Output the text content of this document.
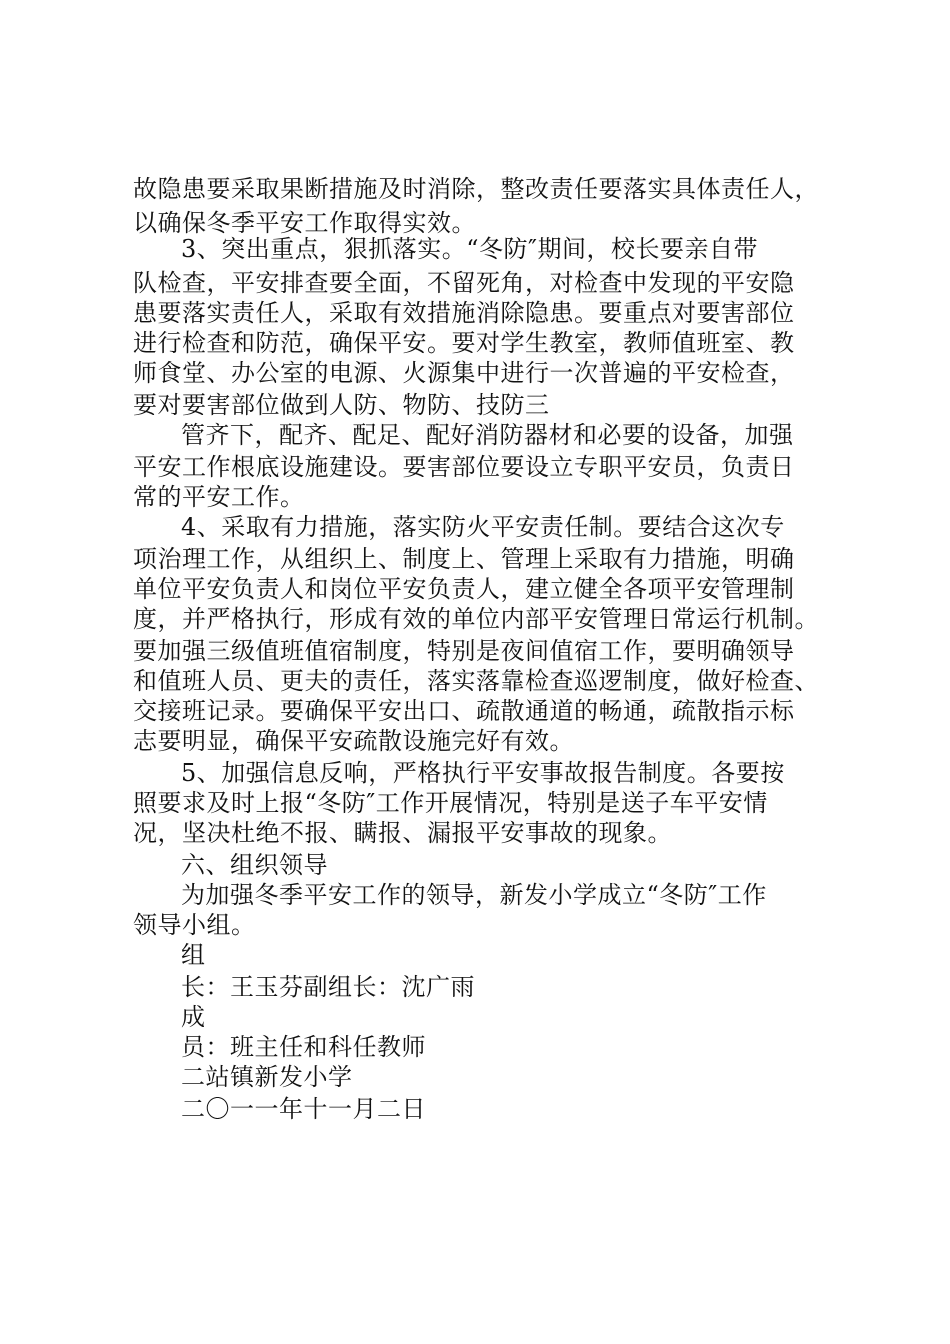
故隐患要采取果断措施及时消除，整改责任要落实具体责任人，
以确保冬季平安工作取得实效。
3、突出重点，狠抓落实。“冬防″期间，校长要亲自带
队检查，平安排查要全面，不留死角，对检查中发现的平安隐
患要落实责任人，采取有效措施消除隐患。要重点对要害部位
进行检查和防范，确保平安。要对学生教室，教师值班室、教
师食堂、办公室的电源、火源集中进行一次普遍的平安检查，
要对要害部位做到人防、物防、技防三
管齐下，配齐、配足、配好消防器材和必要的设备，加强
平安工作根底设施建设。要害部位要设立专职平安员，负责日
常的平安工作。
4、采取有力措施，落实防火平安责任制。要结合这次专
项治理工作，从组织上、制度上、管理上采取有力措施，明确
单位平安负责人和岗位平安负责人，建立健全各项平安管理制
度，并严格执行，形成有效的单位内部平安管理日常运行机制。
要加强三级值班值宿制度，特别是夜间值宿工作，要明确领导
和值班人员、更夫的责任，落实落靠检查巡逻制度，做好检查、
交接班记录。要确保平安出口、疏散通道的畅通，疏散指示标
志要明显，确保平安疏散设施完好有效。
5、加强信息反响，严格执行平安事故报告制度。各要按
照要求及时上报“冬防″工作开展情况，特别是送子车平安情
况，坚决杜绝不报、瞒报、漏报平安事故的现象。
六、组织领导
为加强冬季平安工作的领导，新发小学成立“冬防″工作
领导小组。
组
长：王玉芬副组长：沈广雨
成
员：班主任和科任教师
二站镇新发小学
二〇一一年十一月二日
